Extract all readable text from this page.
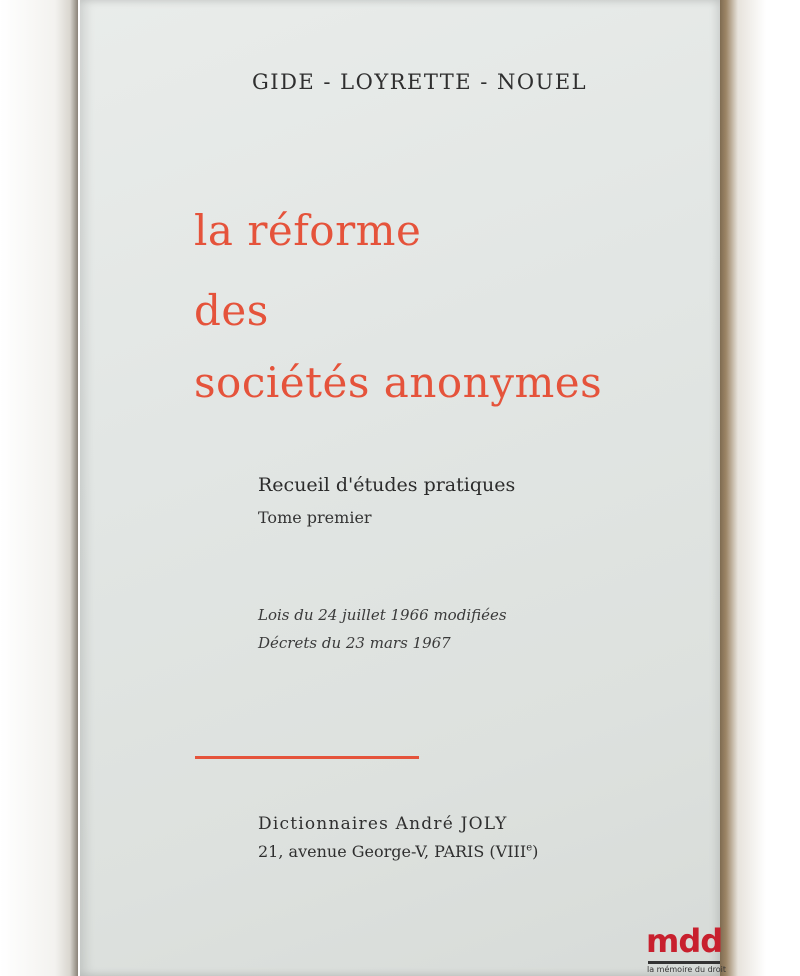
GIDE - LOYRETTE - NOUEL
la réforme
des
sociétés anonymes
Recueil d'études pratiques
Tome premier
Lois du 24 juillet 1966 modifiées
Décrets du 23 mars 1967
Dictionnaires André JOLY
21, avenue George-V, PARIS (VIIIe)
mdd
la mémoire du droit
